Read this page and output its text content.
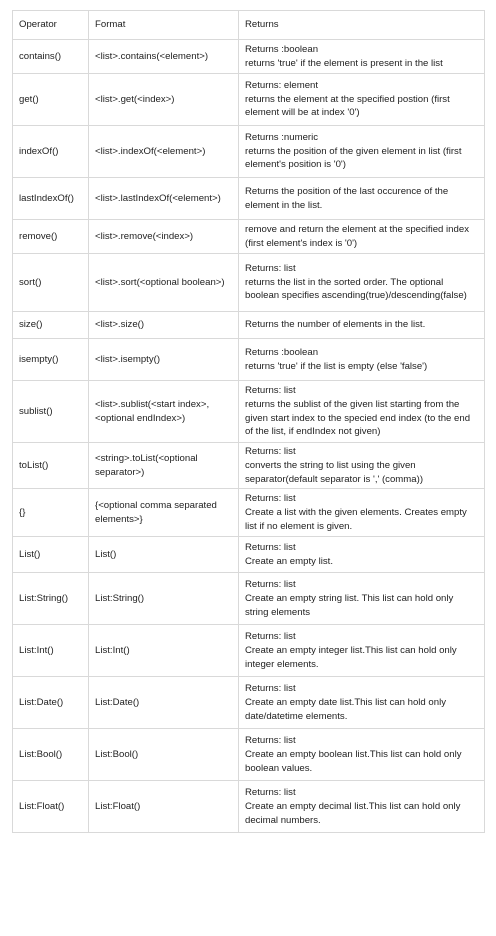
Operator	Format	Returns
contains()	<list>.contains(<element>)	Returns :boolean
returns 'true' if the element is present in the list

get()	<list>.get(<index>)	Returns: element
returns the element at the specified postion (first element will be at index '0')

indexOf()	<list>.indexOf(<element>)	Returns :numeric
returns the position of the given element in list (first element's position is '0')

lastIndexOf()	<list>.lastIndexOf(<element>)	Returns the position of the last occurence of the element in the list.

remove()	<list>.remove(<index>)	remove and return the element at the specified index (first element's index is '0')

sort()	<list>.sort(<optional boolean>)	Returns: list
returns the list in the sorted order. The optional boolean specifies ascending(true)/descending(false)

size()	<list>.size()	Returns the number of elements in the list.

isempty()	<list>.isempty()	Returns :boolean
returns 'true' if the list is empty (else 'false')

sublist()	<list>.sublist(<start index>, <optional endIndex>)	Returns: list
returns the sublist of the given list starting from the given start index to the specied end index (to the end of the list, if endIndex not given)

toList()	<string>.toList(<optional separator>)	Returns: list
converts the string to list using the given separator(default separator is ',' (comma))

{}	{<optional comma separated elements>}	Returns: list
Create a list with the given elements. Creates empty list if no element is given.

List()	List()	Returns: list
Create an empty list.

List:String()	List:String()	Returns: list
Create an empty string list. This list can hold only string elements

List:Int()	List:Int()	Returns: list
Create an empty integer list.This list can hold only integer elements.

List:Date()	List:Date()	Returns: list
Create an empty date list.This list can hold only date/datetime elements.

List:Bool()	List:Bool()	Returns: list
Create an empty boolean list.This list can hold only boolean values.

List:Float()	List:Float()	Returns: list
Create an empty decimal list.This list can hold only decimal numbers.
